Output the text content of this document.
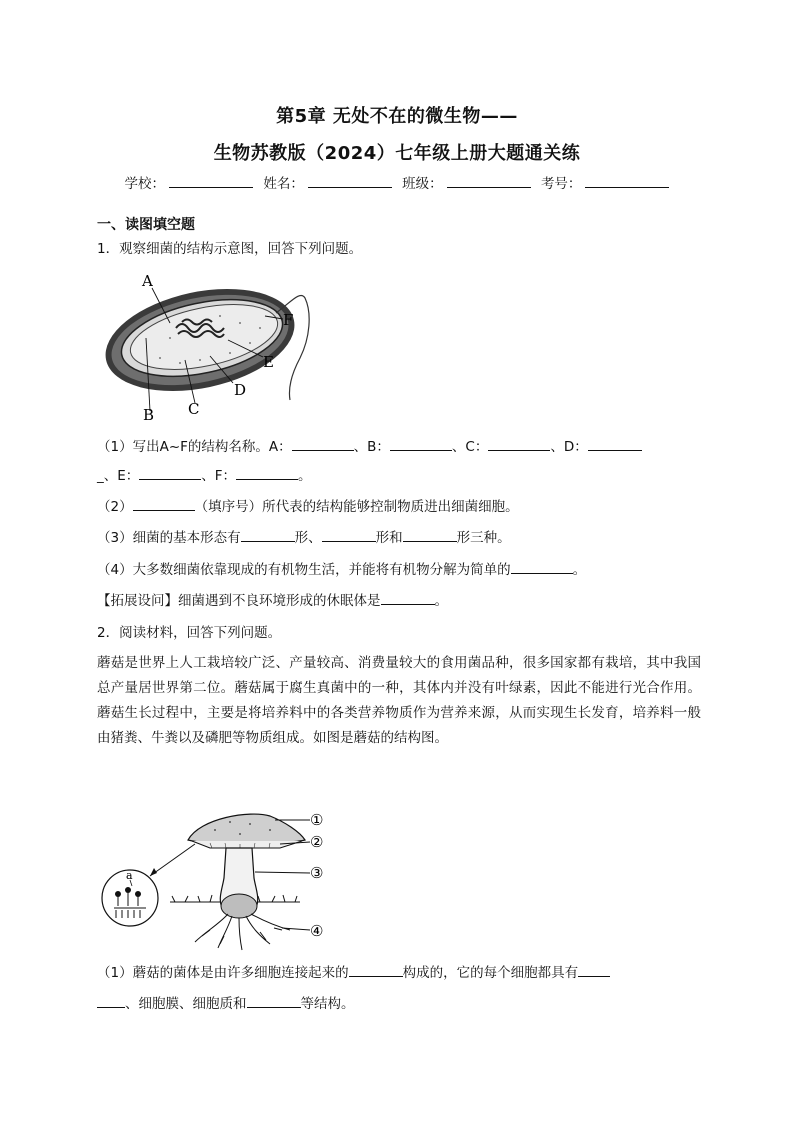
第5章 无处不在的微生物——
生物苏教版（2024）七年级上册大题通关练
学校：	姓名：	班级：	考号：
一、读图填空题
1．观察细菌的结构示意图，回答下列问题。
A
B C
D
E
F
（1）写出A~F的结构名称。A：	、B：	、C：	、D：
_、E：	、F：	。
（2）	（填序号）所代表的结构能够控制物质进出细菌细胞。
（3）细菌的基本形态有	形、	形和	形三种。
（4）大多数细菌依靠现成的有机物生活，并能将有机物分解为简单的	。
【拓展设问】细菌遇到不良环境形成的休眠体是	。
2．阅读材料，回答下列问题。
蘑菇是世界上人工栽培较广泛、产量较高、消费量较大的食用菌品种，很多国家都有栽培，其中我国总产量居世界第二位。蘑菇属于腐生真菌中的一种，其体内并没有叶绿素，因此不能进行光合作用。蘑菇生长过程中，主要是将培养料中的各类营养物质作为营养来源，从而实现生长发育，培养料一般由猪粪、牛粪以及磷肥等物质组成。如图是蘑菇的结构图。
a
①
②
③
④
（1）蘑菇的菌体是由许多细胞连接起来的	构成的，它的每个细胞都具有
、细胞膜、细胞质和	等结构。
